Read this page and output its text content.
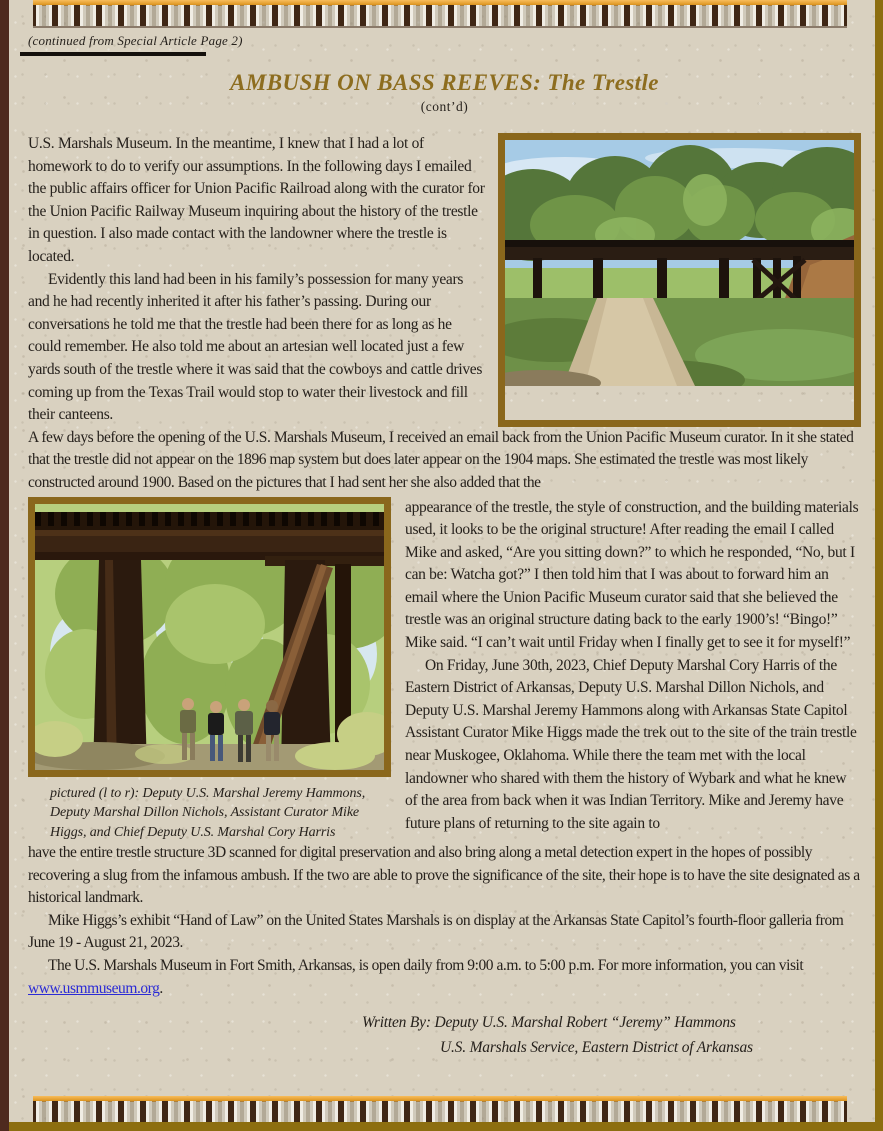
(continued from Special Article Page 2)
AMBUSH ON BASS REEVES: The Trestle
(cont’d)

U.S. Marshals Museum. In the meantime, I knew that I had a lot of homework to do to verify our assumptions. In the following days I emailed the public affairs officer for Union Pacific Railroad along with the curator for the Union Pacific Railway Museum inquiring about the history of the trestle in question. I also made contact with the landowner where the trestle is located.

Evidently this land had been in his family’s possession for many years and he had recently inherited it after his father’s passing. During our conversations he told me that the trestle had been there for as long as he could remember. He also told me about an artesian well located just a few yards south of the trestle where it was said that the cowboys and cattle drives coming up from the Texas Trail would stop to water their livestock and fill their canteens.

A few days before the opening of the U.S. Marshals Museum, I received an email back from the Union Pacific Museum curator. In it she stated that the trestle did not appear on the 1896 map system but does later appear on the 1904 maps. She estimated the trestle was most likely constructed around 1900. Based on the pictures that I had sent her she also added that the

pictured (l to r): Deputy U.S. Marshal Jeremy Hammons, Deputy Marshal Dillon Nichols, Assistant Curator Mike Higgs, and Chief Deputy U.S. Marshal Cory Harris

appearance of the trestle, the style of construction, and the building materials used, it looks to be the original structure! After reading the email I called Mike and asked, “Are you sitting down?” to which he responded, “No, but I can be: Watcha got?” I then told him that I was about to forward him an email where the Union Pacific Museum curator said that she believed the trestle was an original structure dating back to the early 1900’s! “Bingo!” Mike said. “I can’t wait until Friday when I finally get to see it for myself!”

On Friday, June 30th, 2023, Chief Deputy Marshal Cory Harris of the Eastern District of Arkansas, Deputy U.S. Marshal Dillon Nichols, and Deputy U.S. Marshal Jeremy Hammons along with Arkansas State Capitol Assistant Curator Mike Higgs made the trek out to the site of the train trestle near Muskogee, Oklahoma. While there the team met with the local landowner who shared with them the history of Wybark and what he knew of the area from back when it was Indian Territory. Mike and Jeremy have future plans of returning to the site again to

have the entire trestle structure 3D scanned for digital preservation and also bring along a metal detection expert in the hopes of possibly recovering a slug from the infamous ambush. If the two are able to prove the significance of the site, their hope is to have the site designated as a historical landmark.

Mike Higgs’s exhibit “Hand of Law” on the United States Marshals is on display at the Arkansas State Capitol’s fourth-floor galleria from June 19 - August 21, 2023.

The U.S. Marshals Museum in Fort Smith, Arkansas, is open daily from 9:00 a.m. to 5:00 p.m. For more information, you can visit www.usmmuseum.org.

Written By: Deputy U.S. Marshal Robert “Jeremy” Hammons
U.S. Marshals Service, Eastern District of Arkansas
